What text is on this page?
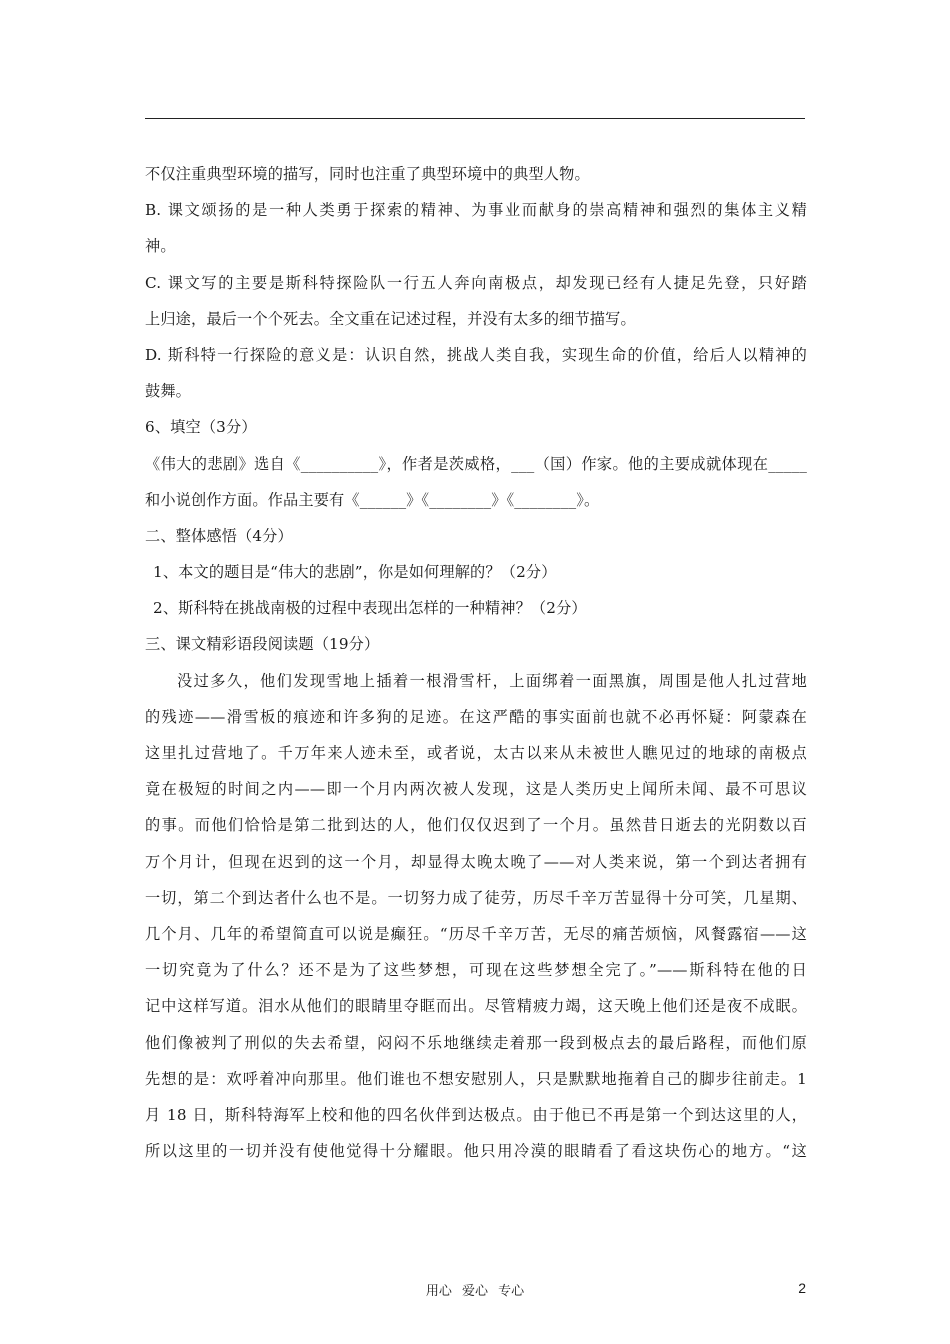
不仅注重典型环境的描写，同时也注重了典型环境中的典型人物。
B. 课文颂扬的是一种人类勇于探索的精神、为事业而献身的崇高精神和强烈的集体主义精
神。
C. 课文写的主要是斯科特探险队一行五人奔向南极点，却发现已经有人捷足先登，只好踏
上归途，最后一个个死去。全文重在记述过程，并没有太多的细节描写。
D. 斯科特一行探险的意义是：认识自然，挑战人类自我，实现生命的价值，给后人以精神的
鼓舞。
6、填空（3分）
《伟大的悲剧》选自《__________》，作者是茨威格，___（国）作家。他的主要成就体现在_____
和小说创作方面。作品主要有《______》《________》《________》。
二、整体感悟（4分）
1、本文的题目是“伟大的悲剧”，你是如何理解的？（2分）
2、斯科特在挑战南极的过程中表现出怎样的一种精神？（2分）
三、课文精彩语段阅读题（19分）
没过多久，他们发现雪地上插着一根滑雪杆，上面绑着一面黑旗，周围是他人扎过营地
的残迹——滑雪板的痕迹和许多狗的足迹。在这严酷的事实面前也就不必再怀疑：阿蒙森在
这里扎过营地了。千万年来人迹未至，或者说，太古以来从未被世人瞧见过的地球的南极点
竟在极短的时间之内——即一个月内两次被人发现，这是人类历史上闻所未闻、最不可思议
的事。而他们恰恰是第二批到达的人，他们仅仅迟到了一个月。虽然昔日逝去的光阴数以百
万个月计，但现在迟到的这一个月，却显得太晚太晚了——对人类来说，第一个到达者拥有
一切，第二个到达者什么也不是。一切努力成了徒劳，历尽千辛万苦显得十分可笑，几星期、
几个月、几年的希望简直可以说是癫狂。“历尽千辛万苦，无尽的痛苦烦恼，风餐露宿——这
一切究竟为了什么？还不是为了这些梦想，可现在这些梦想全完了。”——斯科特在他的日
记中这样写道。泪水从他们的眼睛里夺眶而出。尽管精疲力竭，这天晚上他们还是夜不成眠。
他们像被判了刑似的失去希望，闷闷不乐地继续走着那一段到极点去的最后路程，而他们原
先想的是：欢呼着冲向那里。他们谁也不想安慰别人，只是默默地拖着自己的脚步往前走。1
月 18 日，斯科特海军上校和他的四名伙伴到达极点。由于他已不再是第一个到达这里的人，
所以这里的一切并没有使他觉得十分耀眼。他只用冷漠的眼睛看了看这块伤心的地方。“这
用心 爱心 专心	2
